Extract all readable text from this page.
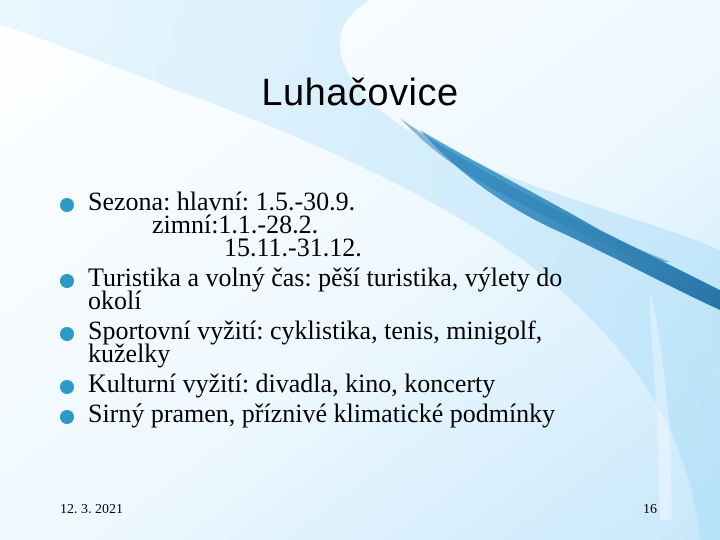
Luhačovice
Sezona: hlavní: 1.5.-30.9.
zimní:1.1.-28.2.
15.11.-31.12.
Turistika a volný čas: pěší turistika, výlety do
okolí
Sportovní vyžití: cyklistika, tenis, minigolf,
kuželky
Kulturní vyžití: divadla, kino, koncerty
Sirný pramen, příznivé klimatické podmínky
12. 3. 2021	16
